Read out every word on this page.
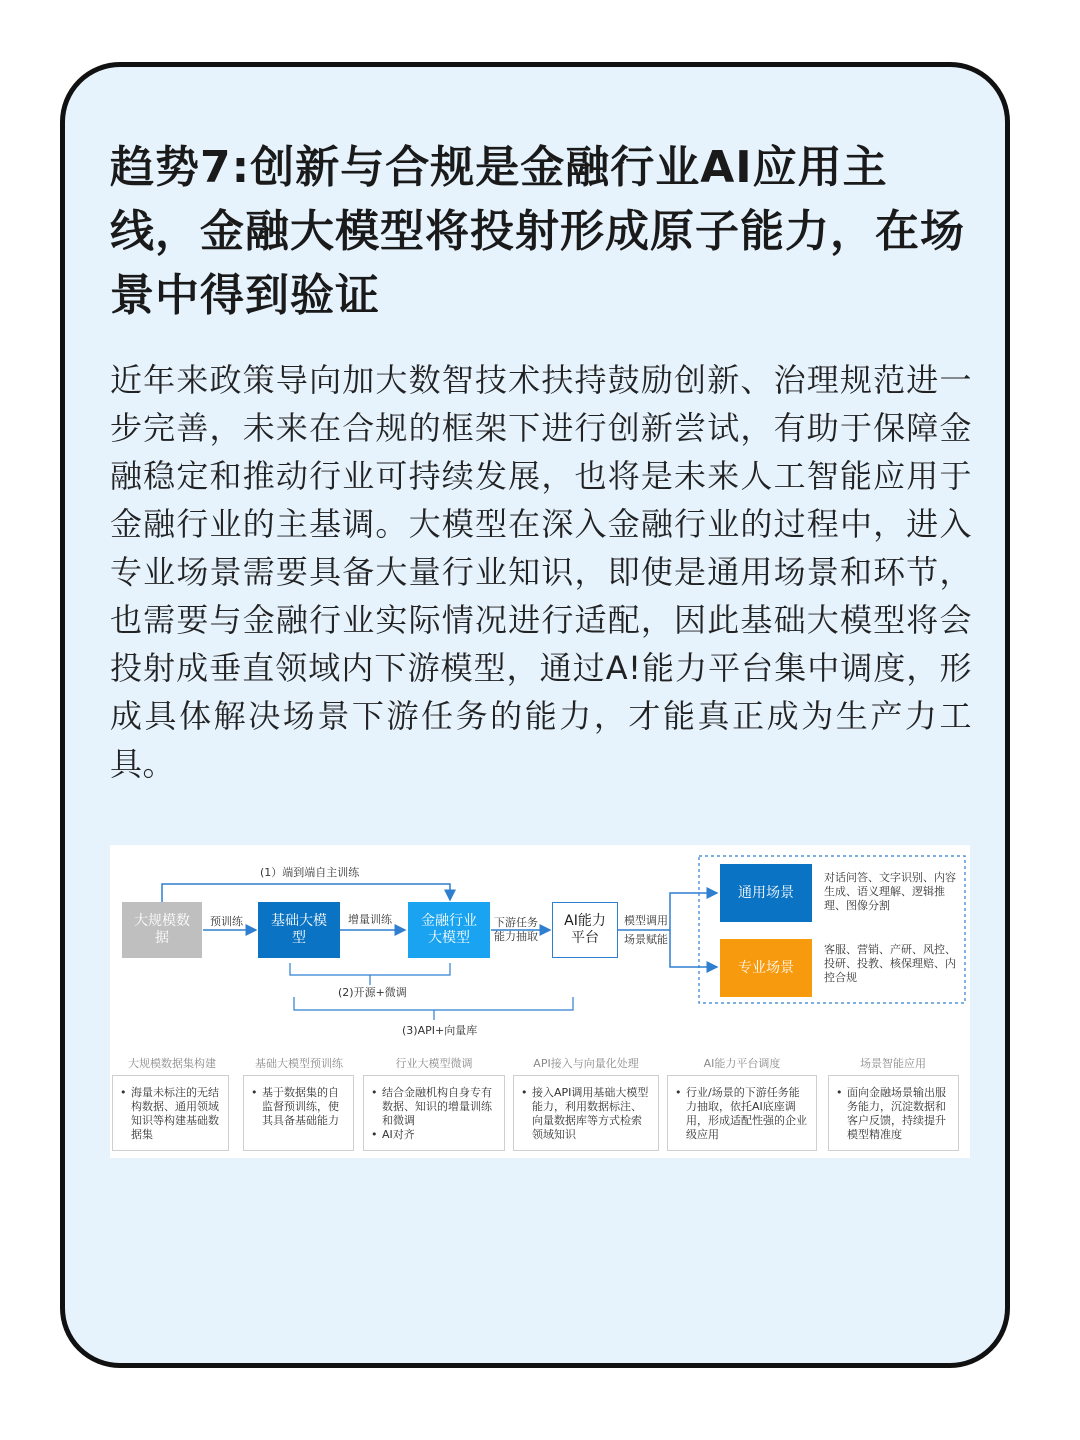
趋势7:创新与合规是金融行业AI应用主线，金融大模型将投射形成原子能力，在场景中得到验证

近年来政策导向加大数智技术扶持鼓励创新、治理规范进一步完善，未来在合规的框架下进行创新尝试，有助于保障金融稳定和推动行业可持续发展，也将是未来人工智能应用于金融行业的主基调。大模型在深入金融行业的过程中，进入专业场景需要具备大量行业知识，即使是通用场景和环节，也需要与金融行业实际情况进行适配，因此基础大模型将会投射成垂直领域内下游模型，通过A!能力平台集中调度，形成具体解决场景下游任务的能力，才能真正成为生产力工具。

(1）端到端自主训练
大规模数据
预训练	基础大模型
增量训练	金融行业大模型
下游任务
能力抽取
AI能力平台
模型调用
场景赋能
通用场景
对话问答、文字识别、内容生成、语义理解、逻辑推理、图像分割
专业场景
客服、营销、产研、风控、投研、投教、核保理赔、内控合规
(2)开源+微调
(3)API+向量库
大规模数据集构建
• 海量未标注的无结构数据、通用领域知识等构建基础数据集
基础大模型预训练
• 基于数据集的自监督预训练，使其具备基础能力
行业大模型微调
• 结合金融机构自身专有数据、知识的增量训练和微调
• AI对齐
API接入与向量化处理
• 接入API调用基础大模型能力，利用数据标注、向量数据库等方式检索领域知识
AI能力平台调度
• 行业/场景的下游任务能力抽取，依托AI底座调用，形成适配性强的企业级应用
场景智能应用
• 面向金融场景输出服务能力，沉淀数据和客户反馈，持续提升模型精准度
